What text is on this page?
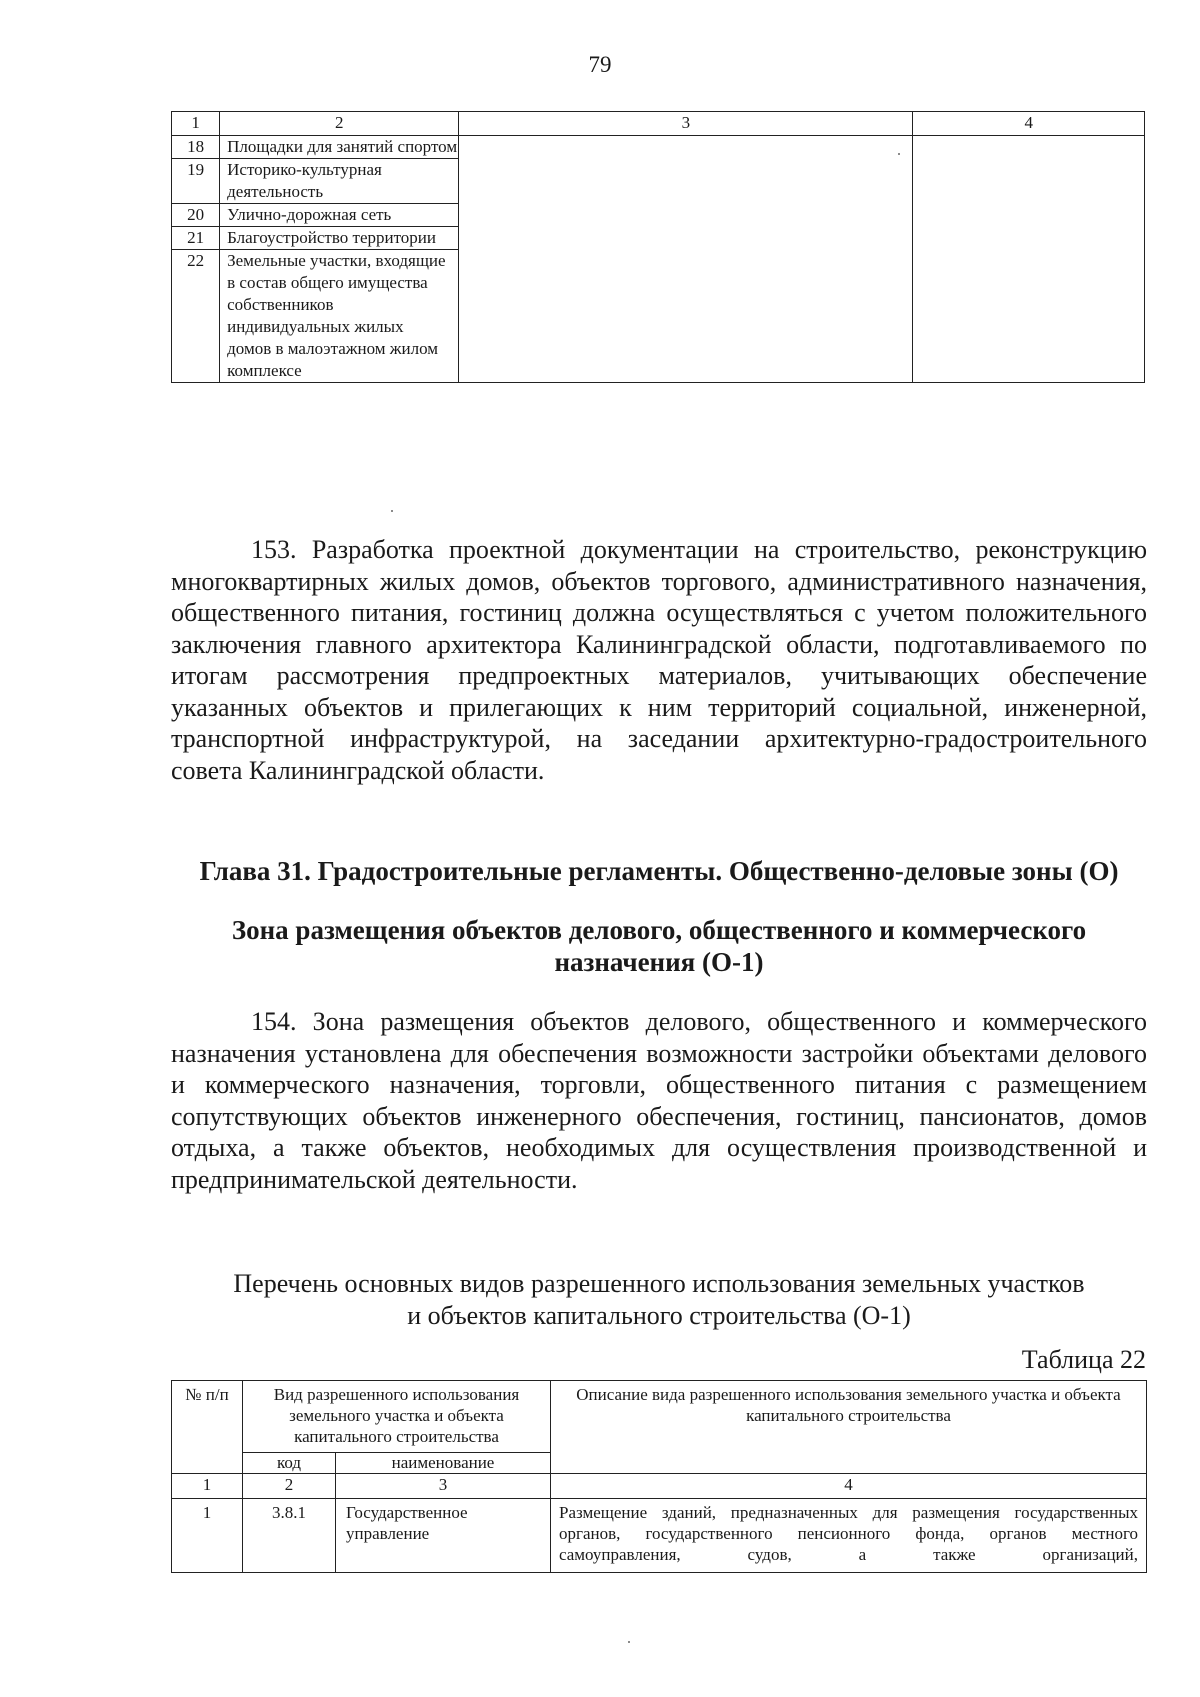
79
1	2	3	4
18	Площадки для занятий спортом		
19	Историко-культурная деятельность		
20	Улично-дорожная сеть		
21	Благоустройство территории		
22	Земельные участки, входящие в состав общего имущества собственников индивидуальных жилых домов в малоэтажном жилом комплексе		
153. Разработка проектной документации на строительство, реконструкцию многоквартирных жилых домов, объектов торгового, административного назначения, общественного питания, гостиниц должна осуществляться с учетом положительного заключения главного архитектора Калининградской области, подготавливаемого по итогам рассмотрения предпроектных материалов, учитывающих обеспечение указанных объектов и прилегающих к ним территорий социальной, инженерной, транспортной инфраструктурой, на заседании архитектурно-градостроительного совета Калининградской области.
Глава 31. Градостроительные регламенты. Общественно-деловые зоны (О)
Зона размещения объектов делового, общественного и коммерческого назначения (О-1)
154. Зона размещения объектов делового, общественного и коммерческого назначения установлена для обеспечения возможности застройки объектами делового и коммерческого назначения, торговли, общественного питания с размещением сопутствующих объектов инженерного обеспечения, гостиниц, пансионатов, домов отдыха, а также объектов, необходимых для осуществления производственной и предпринимательской деятельности.
Перечень основных видов разрешенного использования земельных участков
и объектов капитального строительства (О-1)
Таблица 22
№ п/п	Вид разрешенного использования земельного участка и объекта капитального строительства		Описание вида разрешенного использования земельного участка и объекта капитального строительства
	код	наименование	
1	2	3	4
1	3.8.1	Государственное управление	Размещение зданий, предназначенных для размещения государственных органов, государственного пенсионного фонда, органов местного самоуправления, судов, а также организаций,
